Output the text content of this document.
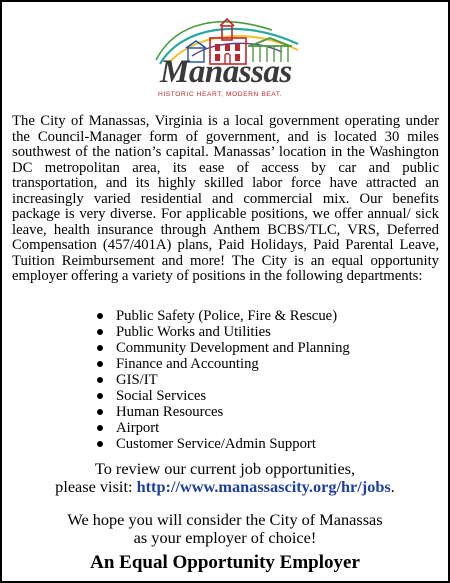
Manassas
HISTORIC HEART, MODERN BEAT.

The City of Manassas, Virginia is a local government operating under the Council-Manager form of government, and is located 30 miles southwest of the nation’s capital. Manassas’ location in the Washington DC metropolitan area, its ease of access by car and public transportation, and its highly skilled labor force have attracted an increasingly varied residential and commercial mix. Our benefits package is very diverse. For applicable positions, we offer annual/ sick leave, health insurance through Anthem BCBS/TLC, VRS, Deferred Compensation (457/401A) plans, Paid Holidays, Paid Parental Leave, Tuition Reimbursement and more! The City is an equal opportunity employer offering a variety of positions in the following departments:

Public Safety (Police, Fire & Rescue)
Public Works and Utilities
Community Development and Planning
Finance and Accounting
GIS/IT
Social Services
Human Resources
Airport
Customer Service/Admin Support
To review our current job opportunities,
please visit: http://www.manassascity.org/hr/jobs.
We hope you will consider the City of Manassas
as your employer of choice!
An Equal Opportunity Employer
